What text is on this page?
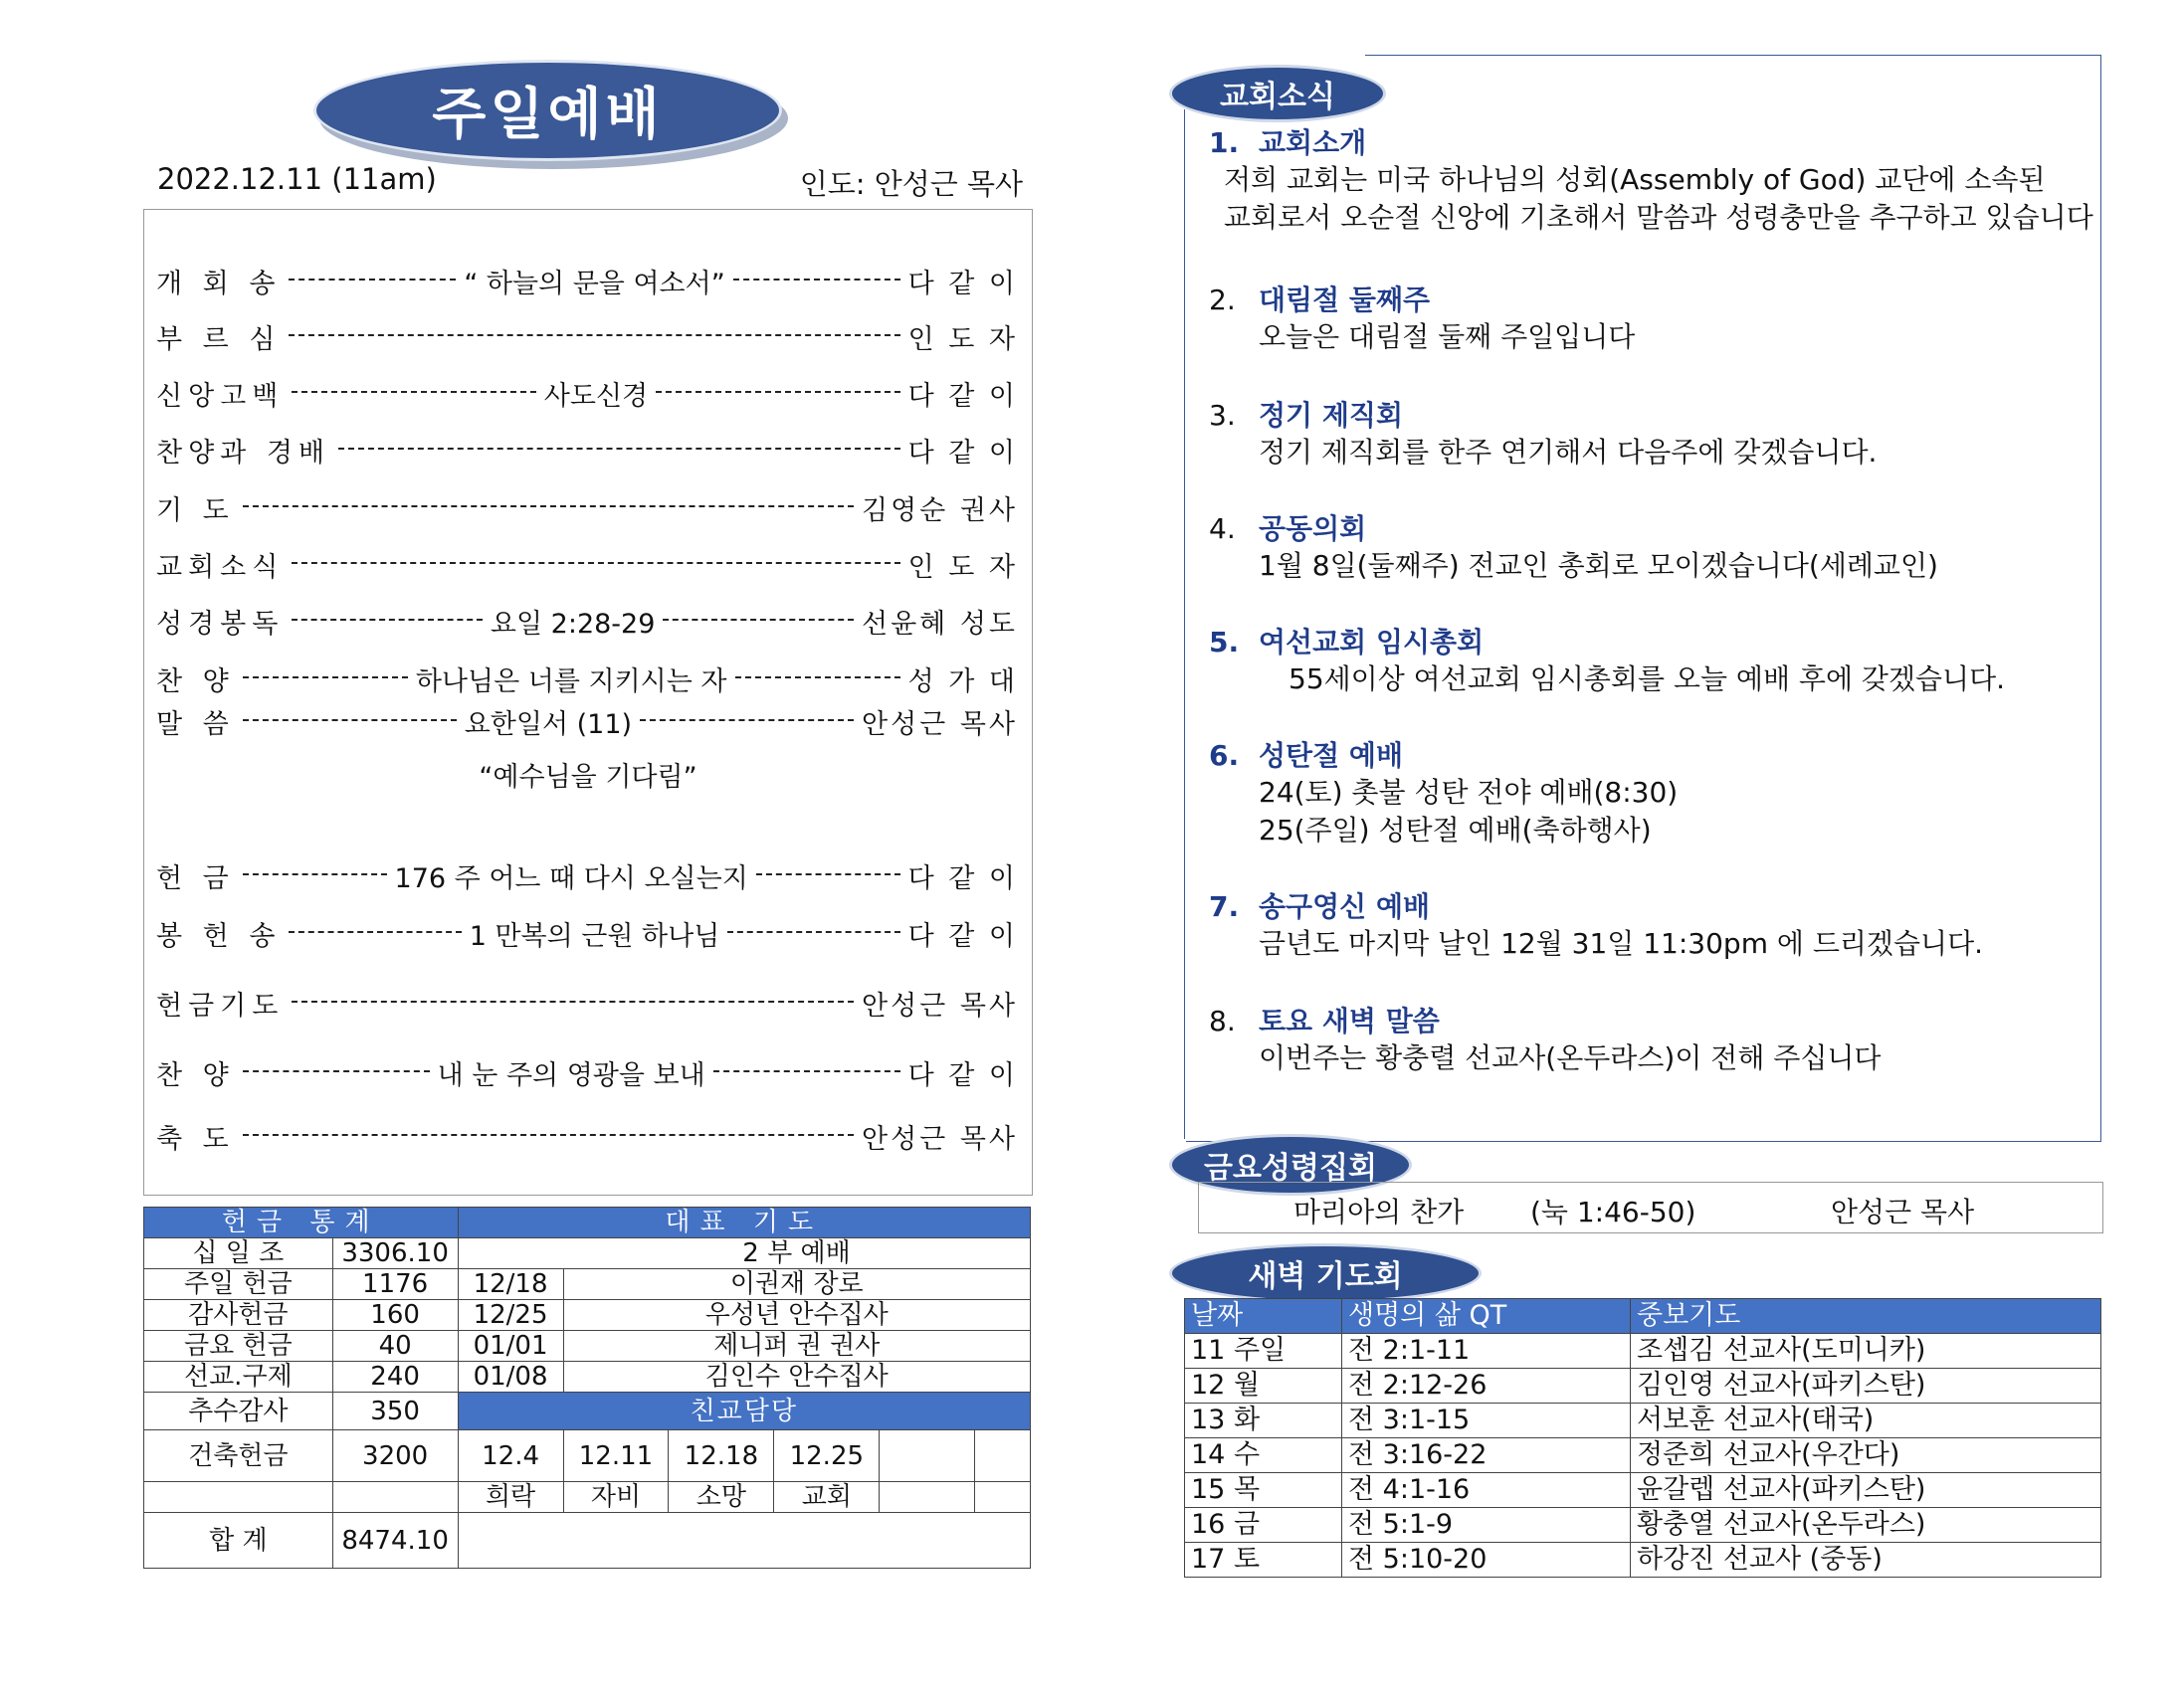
주일예배
2022.12.11 (11am)	인도: 안성근 목사
“예수님을 기다림”
개 회 송	“ 하늘의 문을 여소서”	다 같 이
부 르 심	인 도 자
신앙고백	사도신경	다 같 이
찬양과 경배	다 같 이
기 도	김영순 권사
교회소식	인 도 자
성경봉독	요일 2:28-29	선윤혜 성도
찬 양	하나님은 너를 지키시는 자	성 가 대
말 씀	요한일서 (11)	안성근 목사
헌 금	176 주 어느 때 다시 오실는지	다 같 이
봉 헌 송	1 만복의 근원 하나님	다 같 이
헌금기도	안성근 목사
찬 양	내 눈 주의 영광을 보내	다 같 이
축 도	안성근 목사
헌금 통계		대표 기도					
십 일 조	3306.10		2 부 예배				
주일 헌금	1176	12/18	이권재 장로				
감사헌금	160	12/25	우성년 안수집사				
금요 헌금	40	01/01	제니퍼 권 권사				
선교.구제	240	01/08	김인수 안수집사				
추수감사	350	친교담당					
건축헌금	3200	12.4	12.11	12.18	12.25		
		희락	자비	소망	교회		
합 계	8474.10						
교회소식
1. 교회소개
저희 교회는 미국 하나님의 성회(Assembly of God) 교단에 소속된
교회로서 오순절 신앙에 기초해서 말씀과 성령충만을 추구하고 있습니다
2. 대림절 둘째주
오늘은 대림절 둘째 주일입니다
3. 정기 제직회
정기 제직회를 한주 연기해서 다음주에 갖겠습니다.
4. 공동의회
1월 8일(둘째주) 전교인 총회로 모이겠습니다(세례교인)
5. 여선교회 임시총회
55세이상 여선교회 임시총회를 오늘 예배 후에 갖겠습니다.
6. 성탄절 예배
24(토) 촛불 성탄 전야 예배(8:30)
25(주일) 성탄절 예배(축하행사)
7. 송구영신 예배
금년도 마지막 날인 12월 31일 11:30pm 에 드리겠습니다.
8. 토요 새벽 말씀
이번주는 황충렬 선교사(온두라스)이 전해 주십니다
금요성령집회
마리아의 찬가 (눅 1:46-50)	안성근 목사
새벽 기도회
날짜	생명의 삶 QT	중보기도
11 주일	전 2:1-11	조셉김 선교사(도미니카)
12 월	전 2:12-26	김인영 선교사(파키스탄)
13 화	전 3:1-15	서보훈 선교사(태국)
14 수	전 3:16-22	정준희 선교사(우간다)
15 목	전 4:1-16	윤갈렙 선교사(파키스탄)
16 금	전 5:1-9	황충열 선교사(온두라스)
17 토	전 5:10-20	하강진 선교사 (중동)
